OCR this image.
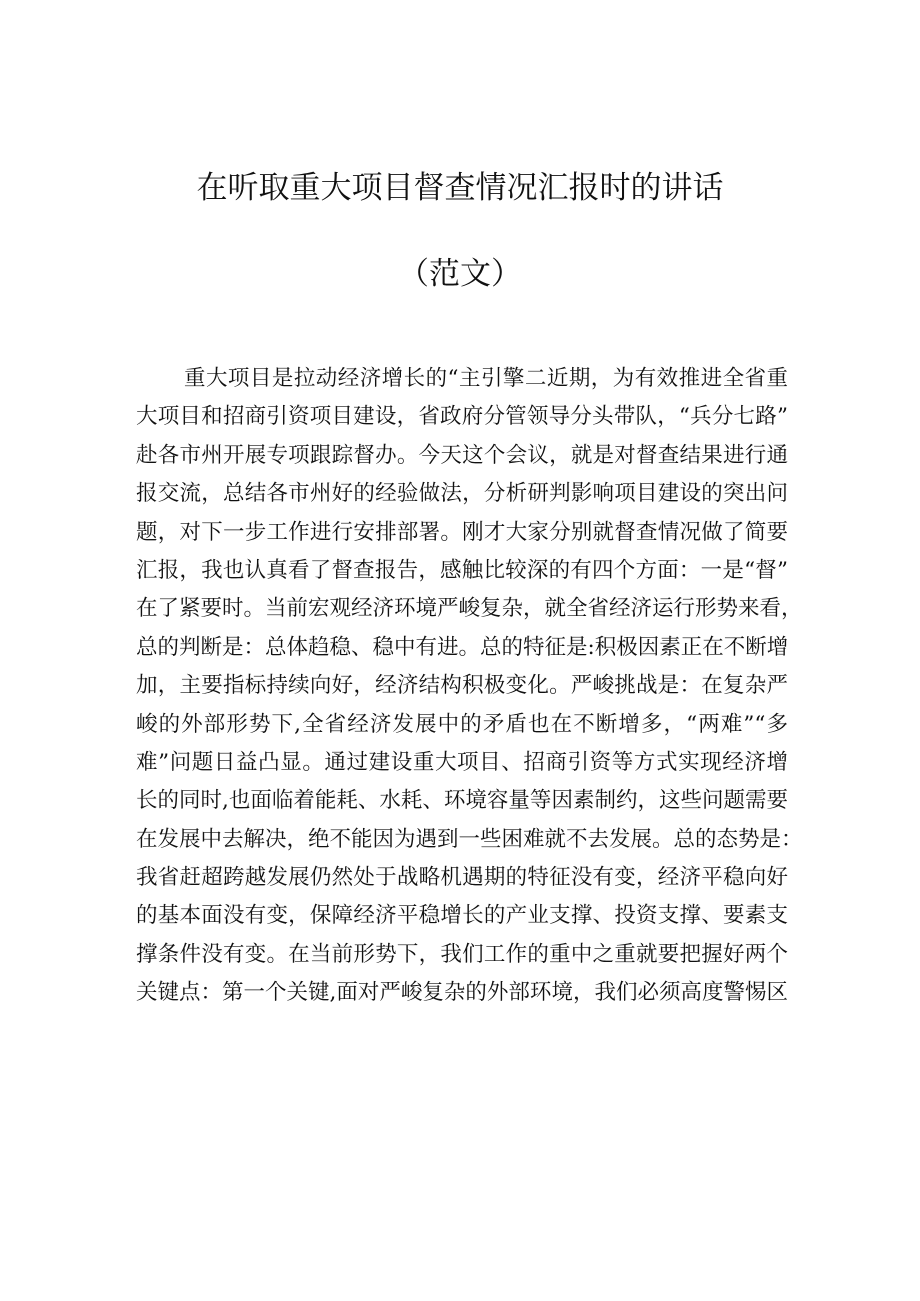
在听取重大项目督查情况汇报时的讲话
（范文）
重大项目是拉动经济增长的“主引擎二近期，为有效推进全省重
大项目和招商引资项目建设，省政府分管领导分头带队，“兵分七路”
赴各市州开展专项跟踪督办。今天这个会议，就是对督查结果进行通
报交流，总结各市州好的经验做法，分析研判影响项目建设的突出问
题，对下一步工作进行安排部署。刚才大家分别就督查情况做了简要
汇报，我也认真看了督查报告，感触比较深的有四个方面：一是“督”
在了紧要时。当前宏观经济环境严峻复杂，就全省经济运行形势来看，
总的判断是：总体趋稳、稳中有进。总的特征是:积极因素正在不断增
加，主要指标持续向好，经济结构积极变化。严峻挑战是：在复杂严
峻的外部形势下,全省经济发展中的矛盾也在不断增多，“两难”“多
难”问题日益凸显。通过建设重大项目、招商引资等方式实现经济增
长的同时,也面临着能耗、水耗、环境容量等因素制约，这些问题需要
在发展中去解决，绝不能因为遇到一些困难就不去发展。总的态势是：
我省赶超跨越发展仍然处于战略机遇期的特征没有变，经济平稳向好
的基本面没有变，保障经济平稳增长的产业支撑、投资支撑、要素支
撑条件没有变。在当前形势下，我们工作的重中之重就要把握好两个
关键点：第一个关键,面对严峻复杂的外部环境，我们必须高度警惕区
